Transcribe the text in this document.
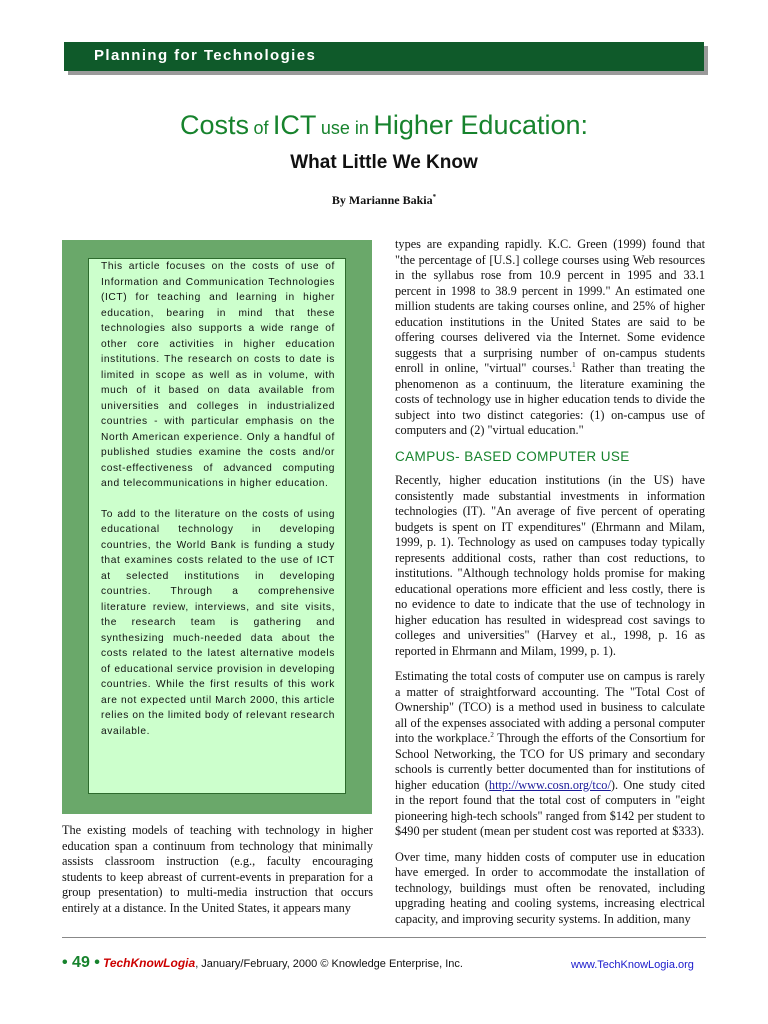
Planning for Technologies
Costs of ICT use in Higher Education:
What Little We Know
By Marianne Bakia*

This article focuses on the costs of use of Information and Communication Technologies (ICT) for teaching and learning in higher education, bearing in mind that these technologies also supports a wide range of other core activities in higher education institutions. The research on costs to date is limited in scope as well as in volume, with much of it based on data available from universities and colleges in industrialized countries - with particular emphasis on the North American experience. Only a handful of published studies examine the costs and/or cost-effectiveness of advanced computing and telecommunications in higher education.

To add to the literature on the costs of using educational technology in developing countries, the World Bank is funding a study that examines costs related to the use of ICT at selected institutions in developing countries. Through a comprehensive literature review, interviews, and site visits, the research team is gathering and synthesizing much-needed data about the costs related to the latest alternative models of educational service provision in developing countries. While the first results of this work are not expected until March 2000, this article relies on the limited body of relevant research available.

The existing models of teaching with technology in higher education span a continuum from technology that minimally assists classroom instruction (e.g., faculty encouraging students to keep abreast of current-events in preparation for a group presentation) to multi-media instruction that occurs entirely at a distance. In the United States, it appears many

types are expanding rapidly. K.C. Green (1999) found that "the percentage of [U.S.] college courses using Web resources in the syllabus rose from 10.9 percent in 1995 and 33.1 percent in 1998 to 38.9 percent in 1999." An estimated one million students are taking courses online, and 25% of higher education institutions in the United States are said to be offering courses delivered via the Internet. Some evidence suggests that a surprising number of on-campus students enroll in online, "virtual" courses.$^1$ Rather than treating the phenomenon as a continuum, the literature examining the costs of technology use in higher education tends to divide the subject into two distinct categories: (1) on-campus use of computers and (2) "virtual education."

CAMPUS- BASED COMPUTER USE

Recently, higher education institutions (in the US) have consistently made substantial investments in information technologies (IT). "An average of five percent of operating budgets is spent on IT expenditures" (Ehrmann and Milam, 1999, p. 1). Technology as used on campuses today typically represents additional costs, rather than cost reductions, to institutions. "Although technology holds promise for making educational operations more efficient and less costly, there is no evidence to date to indicate that the use of technology in higher education has resulted in widespread cost savings to colleges and universities" (Harvey et al., 1998, p. 16 as reported in Ehrmann and Milam, 1999, p. 1).

Estimating the total costs of computer use on campus is rarely a matter of straightforward accounting. The "Total Cost of Ownership" (TCO) is a method used in business to calculate all of the expenses associated with adding a personal computer into the workplace.$^2$ Through the efforts of the Consortium for School Networking, the TCO for US primary and secondary schools is currently better documented than for institutions of higher education (http://www.cosn.org/tco/). One study cited in the report found that the total cost of computers in "eight pioneering high-tech schools" ranged from $142 per student to $490 per student (mean per student cost was reported at $333).

Over time, many hidden costs of computer use in education have emerged. In order to accommodate the installation of technology, buildings must often be renovated, including upgrading heating and cooling systems, increasing electrical capacity, and improving security systems. In addition, many

• 49 • TechKnowLogia, January/February, 2000 © Knowledge Enterprise, Inc.	www.TechKnowLogia.org
